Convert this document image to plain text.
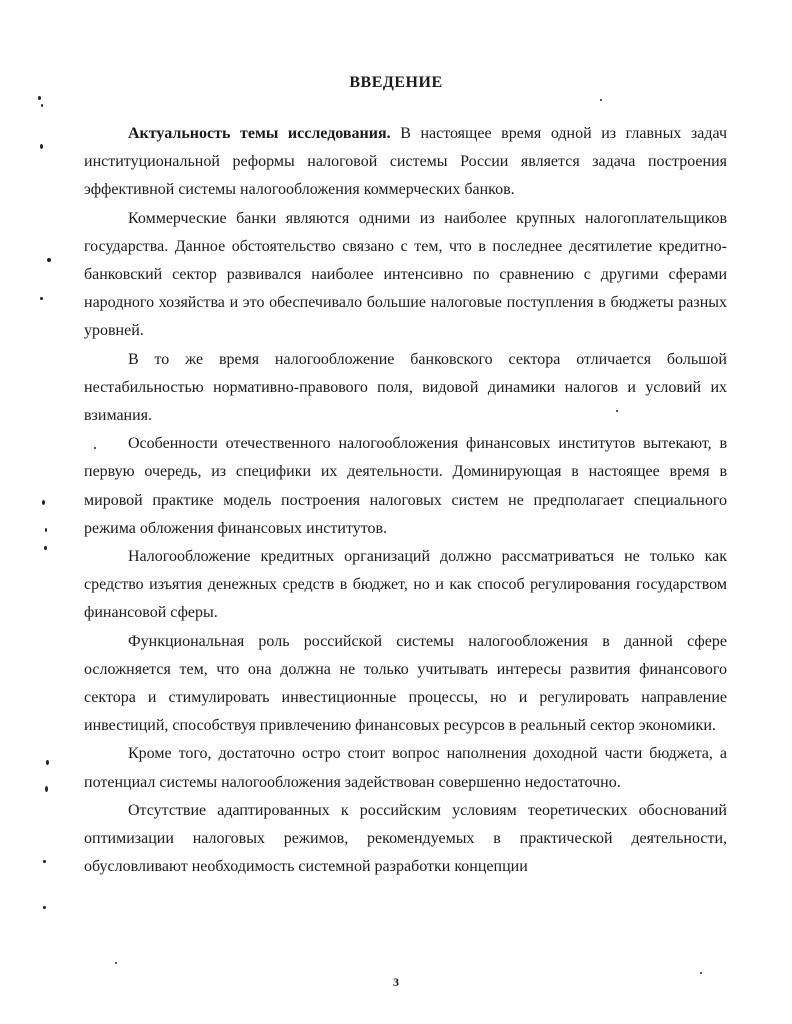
ВВЕДЕНИЕ

Актуальность темы исследования. В настоящее время одной из главных задач институциональной реформы налоговой системы России является задача построения эффективной системы налогообложения коммерческих банков.

Коммерческие банки являются одними из наиболее крупных налогоплательщиков государства. Данное обстоятельство связано с тем, что в последнее десятилетие кредитно-банковский сектор развивался наиболее интенсивно по сравнению с другими сферами народного хозяйства и это обеспечивало большие налоговые поступления в бюджеты разных уровней.

В то же время налогообложение банковского сектора отличается большой нестабильностью нормативно-правового поля, видовой динамики налогов и условий их взимания.

Особенности отечественного налогообложения финансовых институтов вытекают, в первую очередь, из специфики их деятельности. Доминирующая в настоящее время в мировой практике модель построения налоговых систем не предполагает специального режима обложения финансовых институтов.

Налогообложение кредитных организаций должно рассматриваться не только как средство изъятия денежных средств в бюджет, но и как способ регулирования государством финансовой сферы.

Функциональная роль российской системы налогообложения в данной сфере осложняется тем, что она должна не только учитывать интересы развития финансового сектора и стимулировать инвестиционные процессы, но и регулировать направление инвестиций, способствуя привлечению финансовых ресурсов в реальный сектор экономики.

Кроме того, достаточно остро стоит вопрос наполнения доходной части бюджета, а потенциал системы налогообложения задействован совершенно недостаточно.

Отсутствие адаптированных к российским условиям теоретических обоснований оптимизации налоговых режимов, рекомендуемых в практической деятельности, обусловливают необходимость системной разработки концепции

3
